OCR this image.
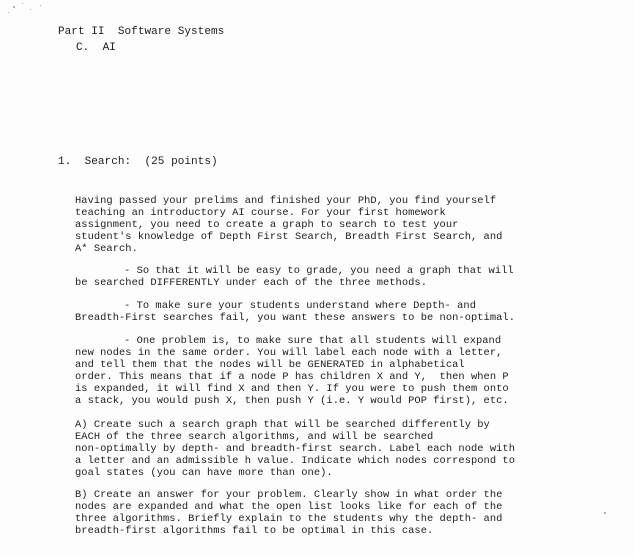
Part II  Software Systems
C.  AI
1.  Search:  (25 points)
Having passed your prelims and finished your PhD, you find yourself
teaching an introductory AI course. For your first homework
assignment, you need to create a graph to search to test your
student's knowledge of Depth First Search, Breadth First Search, and
A* Search.
- So that it will be easy to grade, you need a graph that will
be searched DIFFERENTLY under each of the three methods.
- To make sure your students understand where Depth- and
Breadth-First searches fail, you want these answers to be non-optimal.
- One problem is, to make sure that all students will expand
new nodes in the same order. You will label each node with a letter,
and tell them that the nodes will be GENERATED in alphabetical
order. This means that if a node P has children X and Y,  then when P
is expanded, it will find X and then Y. If you were to push them onto
a stack, you would push X, then push Y (i.e. Y would POP first), etc.
A) Create such a search graph that will be searched differently by
EACH of the three search algorithms, and will be searched
non-optimally by depth- and breadth-first search. Label each node with
a letter and an admissible h value. Indicate which nodes correspond to
goal states (you can have more than one).
B) Create an answer for your problem. Clearly show in what order the
nodes are expanded and what the open list looks like for each of the
three algorithms. Briefly explain to the students why the depth- and
breadth-first algorithms fail to be optimal in this case.
